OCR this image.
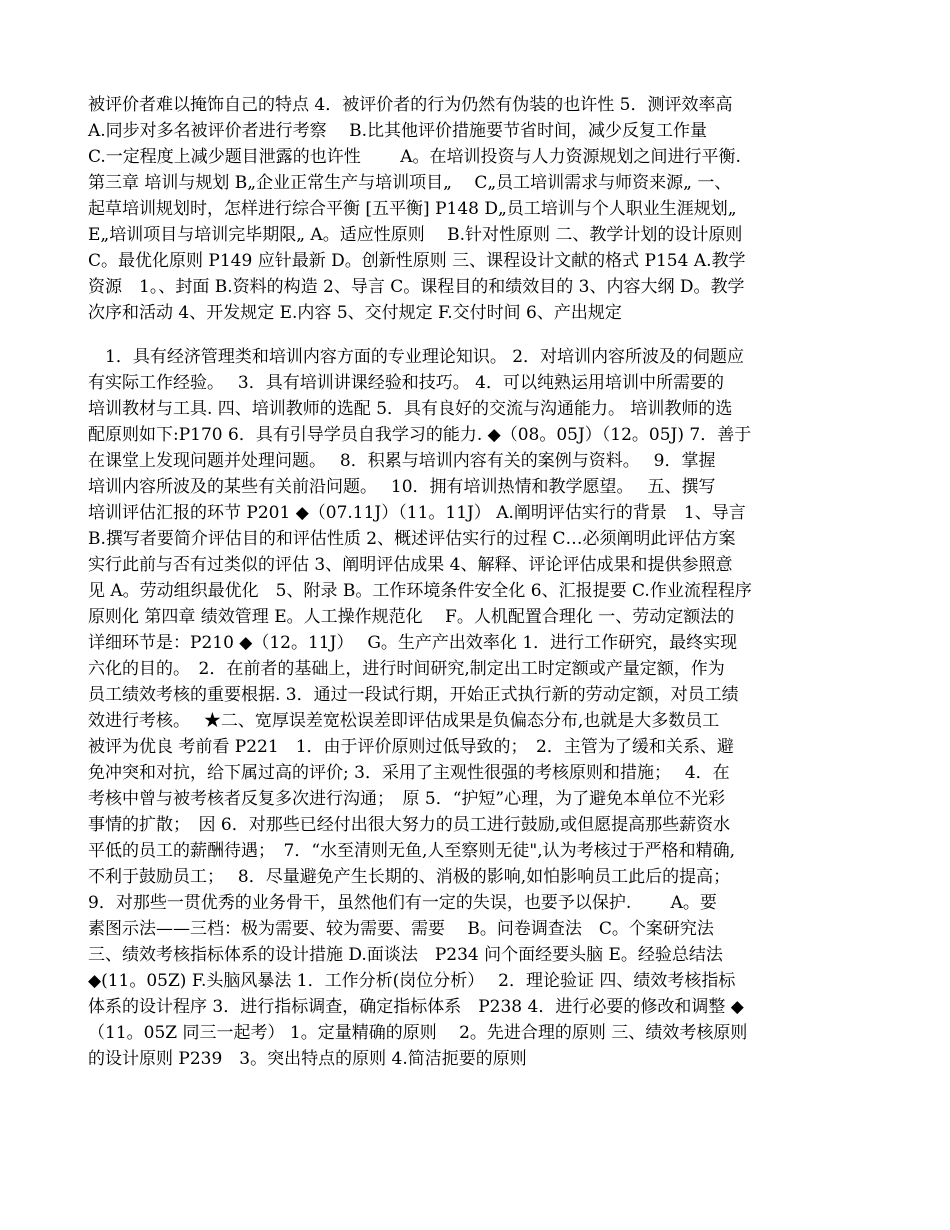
被评价者难以掩饰自己的特点 4．被评价者的行为仍然有伪装的也许性 5．测评效率高
A.同步对多名被评价者进行考察　 B.比其他评价措施要节省时间，减少反复工作量
C.一定程度上减少题目泄露的也许性　　 A。在培训投资与人力资源规划之间进行平衡.
第三章 培训与规划 B„企业正常生产与培训项目„　 C„员工培训需求与师资来源„ 一、
起草培训规划时，怎样进行综合平衡 [五平衡] P148 D„员工培训与个人职业生涯规划„
E„培训项目与培训完毕期限„ A。适应性原则　 B.针对性原则 二、教学计划的设计原则
C。最优化原则 P149 应针最新 D。创新性原则 三、课程设计文献的格式 P154 A.教学
资源　1。、封面 B.资料的构造 2、导言 C。课程目的和绩效目的 3、内容大纲 D。教学
次序和活动 4、开发规定 E.内容 5、交付规定 F.交付时间 6、产出规定
　1．具有经济管理类和培训内容方面的专业理论知识。 2．对培训内容所波及的伺题应
有实际工作经验。　 3．具有培训讲课经验和技巧。 4．可以纯熟运用培训中所需要的
培训教材与工具. 四、培训教师的选配 5．具有良好的交流与沟通能力。 培训教师的选
配原则如下:P170 6．具有引导学员自我学习的能力. ◆（08。05J）（12。05J) 7．善于
在课堂上发现问题并处理问题。　 8．积累与培训内容有关的案例与资料。　 9．掌握
培训内容所波及的某些有关前沿问题。　 10．拥有培训热情和教学愿望。　 五、撰写
培训评估汇报的环节 P201 ◆（07.11J）（11。11J） A.阐明评估实行的背景　1、导言
B.撰写者要简介评估目的和评估性质 2、概述评估实行的过程 C…必须阐明此评估方案
实行此前与否有过类似的评估 3、阐明评估成果 4、解释、评论评估成果和提供参照意
见 A。劳动组织最优化　5、附录 B。工作环境条件安全化 6、汇报提要 C.作业流程程序
原则化 第四章 绩效管理 E。人工操作规范化　 F。人机配置合理化 一、劳动定额法的
详细环节是：P210 ◆（12。11J）　 G。生产产出效率化 1．进行工作研究，最终实现
六化的目的。　2．在前者的基础上，进行时间研究,制定出工时定额或产量定额，作为
员工绩效考核的重要根据. 3．通过一段试行期，开始正式执行新的劳动定额，对员工绩
效进行考核。　 ★二、宽厚误差宽松误差即评估成果是负偏态分布,也就是大多数员工
被评为优良 考前看 P221　1．由于评价原则过低导致的；　2．主管为了缓和关系、避
免冲突和对抗，给下属过高的评价; 3．采用了主观性很强的考核原则和措施；　 4．在
考核中曾与被考核者反复多次进行沟通；　原 5．“护短”心理，为了避免本单位不光彩
事情的扩散；　因 6．对那些已经付出很大努力的员工进行鼓励,或但愿提高那些薪资水
平低的员工的薪酬待遇；　7．“水至清则无鱼,人至察则无徒",认为考核过于严格和精确,
不利于鼓励员工；　 8．尽量避免产生长期的、消极的影响,如怕影响员工此后的提高；
9．对那些一贯优秀的业务骨干，虽然他们有一定的失误，也要予以保护.　　 A。要
素图示法——三档：极为需要、较为需要、需要　 B。问卷调查法　C。个案研究法
三、绩效考核指标体系的设计措施 D.面谈法　P234 问个面经要头脑 E。经验总结法
◆(11。05Z) F.头脑风暴法 1．工作分析(岗位分析）　 2．理论验证 四、绩效考核指标
体系的设计程序 3．进行指标调查，确定指标体系　P238 4．进行必要的修改和调整 ◆
（11。05Z 同三一起考） 1。定量精确的原则　 2。先进合理的原则 三、绩效考核原则
的设计原则 P239　3。突出特点的原则 4.简洁扼要的原则
